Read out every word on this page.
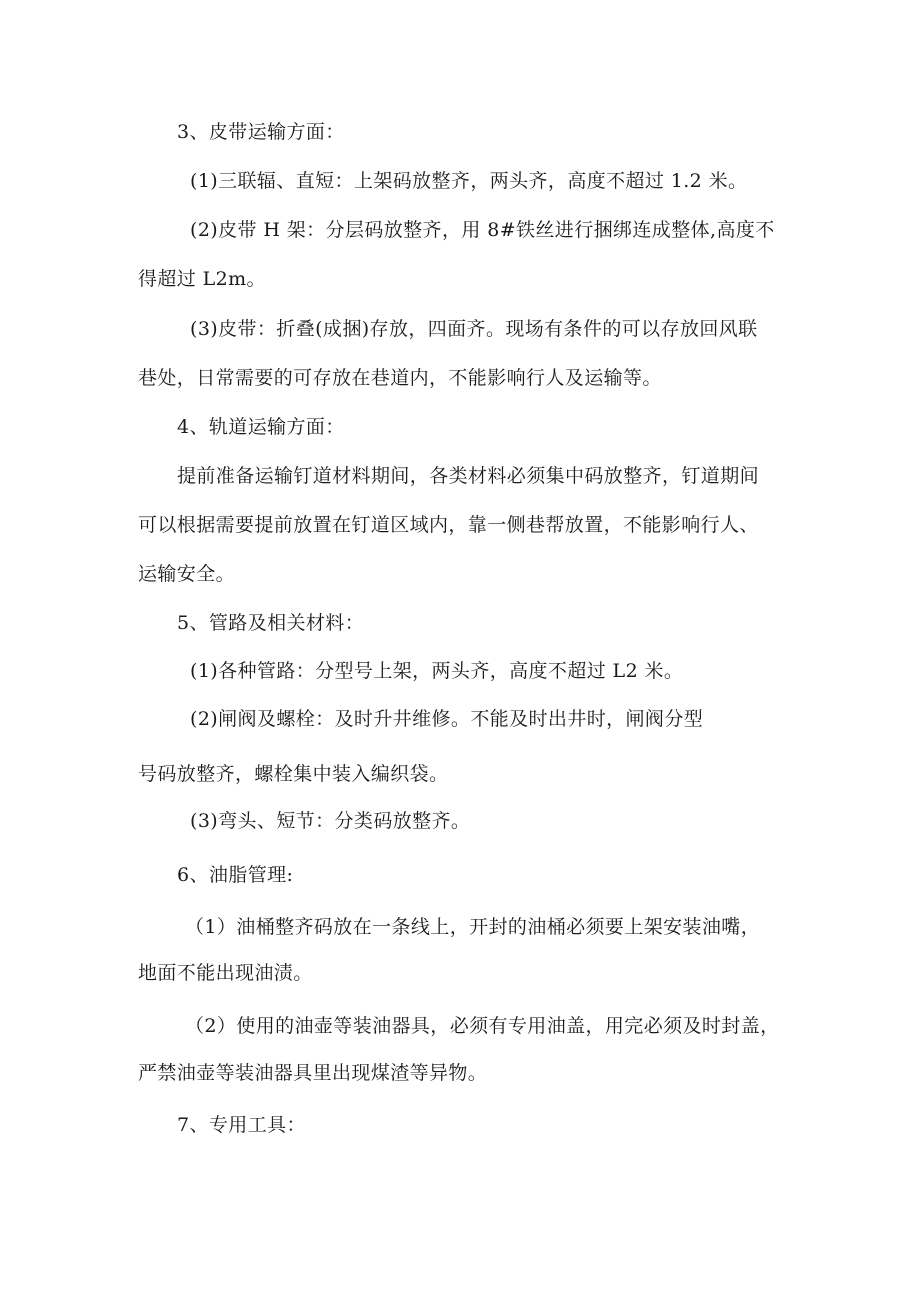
3、皮带运输方面：
(1)三联辐、直短：上架码放整齐，两头齐，高度不超过 1.2 米。
(2)皮带 H 架：分层码放整齐，用 8#铁丝进行捆绑连成整体,高度不
得超过 L2m。
(3)皮带：折叠(成捆)存放，四面齐。现场有条件的可以存放回风联
巷处，日常需要的可存放在巷道内，不能影响行人及运输等。
4、轨道运输方面：
提前准备运输钉道材料期间，各类材料必须集中码放整齐，钉道期间
可以根据需要提前放置在钉道区域内，靠一侧巷帮放置，不能影响行人、
运输安全。
5、管路及相关材料：
(1)各种管路：分型号上架，两头齐，高度不超过 L2 米。
(2)闸阀及螺栓：及时升井维修。不能及时出井时，闸阀分型
号码放整齐，螺栓集中装入编织袋。
(3)弯头、短节：分类码放整齐。
6、油脂管理:
（1）油桶整齐码放在一条线上，开封的油桶必须要上架安装油嘴，
地面不能出现油渍。
（2）使用的油壶等装油器具，必须有专用油盖，用完必须及时封盖，
严禁油壶等装油器具里出现煤渣等异物。
7、专用工具：
